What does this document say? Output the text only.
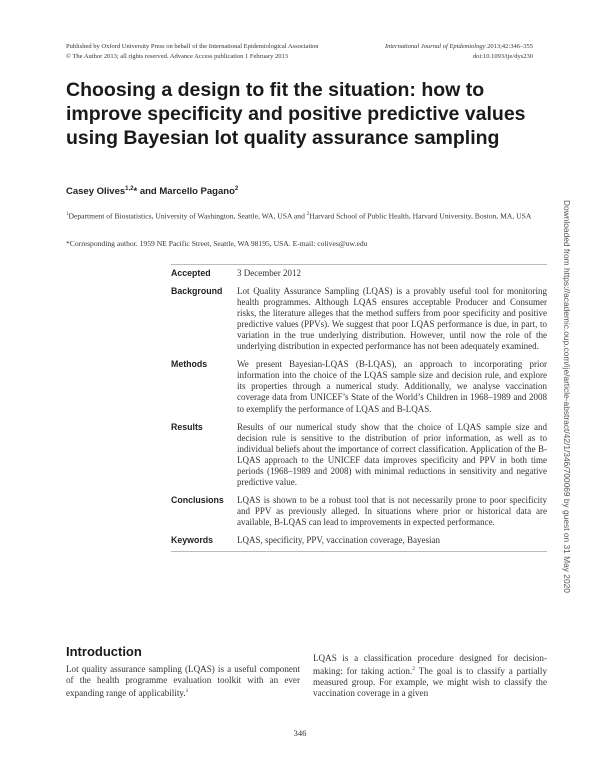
Published by Oxford University Press on behalf of the International Epidemiological Association
© The Author 2013; all rights reserved. Advance Access publication 1 February 2013
International Journal of Epidemiology 2013;42:346–355
doi:10.1093/ije/dys230
Choosing a design to fit the situation: how to improve specificity and positive predictive values using Bayesian lot quality assurance sampling
Casey Olives$^{1,2}$* and Marcello Pagano$^2$
$^1$Department of Biostatistics, University of Washington, Seattle, WA, USA and $^2$Harvard School of Public Health, Harvard University, Boston, MA, USA
*Corresponding author. 1959 NE Pacific Street, Seattle, WA 98195, USA. E-mail: colives@uw.edu
Accepted	3 December 2012
Background	Lot Quality Assurance Sampling (LQAS) is a provably useful tool for monitoring health programmes. Although LQAS ensures acceptable Producer and Consumer risks, the literature alleges that the method suffers from poor specificity and positive predictive values (PPVs). We suggest that poor LQAS performance is due, in part, to variation in the true underlying distribution. However, until now the role of the underlying distribution in expected performance has not been adequately examined.
Methods	We present Bayesian-LQAS (B-LQAS), an approach to incorporating prior information into the choice of the LQAS sample size and decision rule, and explore its properties through a numerical study. Additionally, we analyse vaccination coverage data from UNICEF’s State of the World’s Children in 1968–1989 and 2008 to exemplify the performance of LQAS and B-LQAS.
Results	Results of our numerical study show that the choice of LQAS sample size and decision rule is sensitive to the distribution of prior information, as well as to individual beliefs about the importance of correct classification. Application of the B-LQAS approach to the UNICEF data improves specificity and PPV in both time periods (1968–1989 and 2008) with minimal reductions in sensitivity and negative predictive value.
Conclusions	LQAS is shown to be a robust tool that is not necessarily prone to poor specificity and PPV as previously alleged. In situations where prior or historical data are available, B-LQAS can lead to improvements in expected performance.
Keywords	LQAS, specificity, PPV, vaccination coverage, Bayesian
Introduction
Lot quality assurance sampling (LQAS) is a useful component of the health programme evaluation toolkit with an ever expanding range of applicability.$^1$
LQAS is a classification procedure designed for decision-making: for taking action.$^2$ The goal is to classify a partially measured group. For example, we might wish to classify the vaccination coverage in a given
346
Downloaded from https://academic.oup.com/ije/article-abstract/42/1/346/700069 by guest on 31 May 2020
